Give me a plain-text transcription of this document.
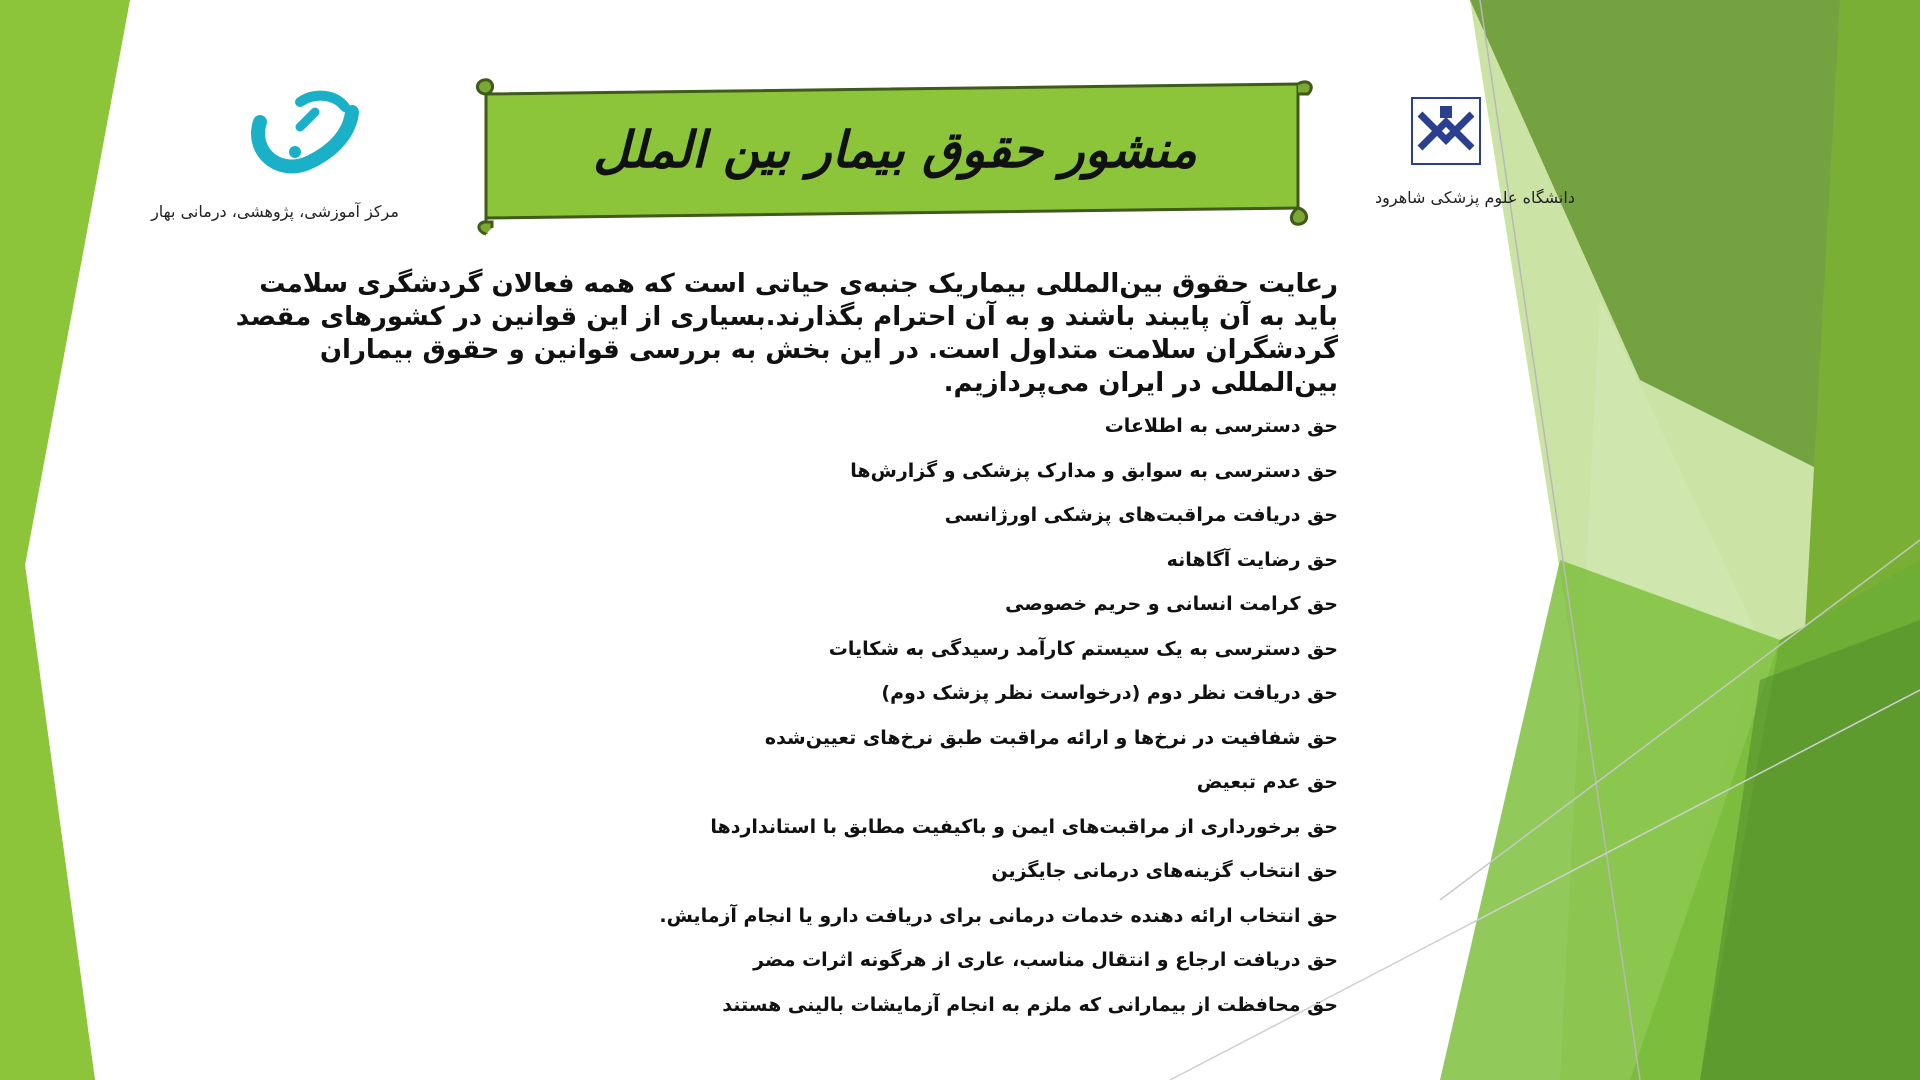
مرکز آموزشی، پژوهشی، درمانی بهار
دانشگاه علوم پزشکی شاهرود
منشور حقوق بیمار بین الملل

رعایت حقوق بین‌المللی بیماریک جنبه‌ی حیاتی است که همه فعالان گردشگری سلامت باید به آن پایبند باشند و به آن احترام بگذارند.بسیاری از این قوانین در کشورهای مقصد گردشگران سلامت متداول است. در این بخش به بررسی قوانین و حقوق بیماران بین‌المللی در ایران می‌پردازیم.

حق دسترسی به اطلاعات
حق دسترسی به سوابق و مدارک پزشکی و گزارش‌ها
حق دریافت مراقبت‌های پزشکی اورژانسی
حق رضایت آگاهانه
حق کرامت انسانی و حریم خصوصی
حق دسترسی به یک سیستم کارآمد رسیدگی به شکایات
حق دریافت نظر دوم (درخواست نظر پزشک دوم)
حق شفافیت در نرخ‌ها و ارائه مراقبت طبق نرخ‌های تعیین‌شده
حق عدم تبعیض
حق برخورداری از مراقبت‌های ایمن و باکیفیت مطابق با استانداردها
حق انتخاب گزینه‌های درمانی جایگزین
حق انتخاب ارائه دهنده خدمات درمانی برای دریافت دارو یا انجام آزمایش.
حق دریافت ارجاع و انتقال مناسب، عاری از هرگونه اثرات مضر
حق محافظت از بیمارانی که ملزم به انجام آزمایشات بالینی هستند
